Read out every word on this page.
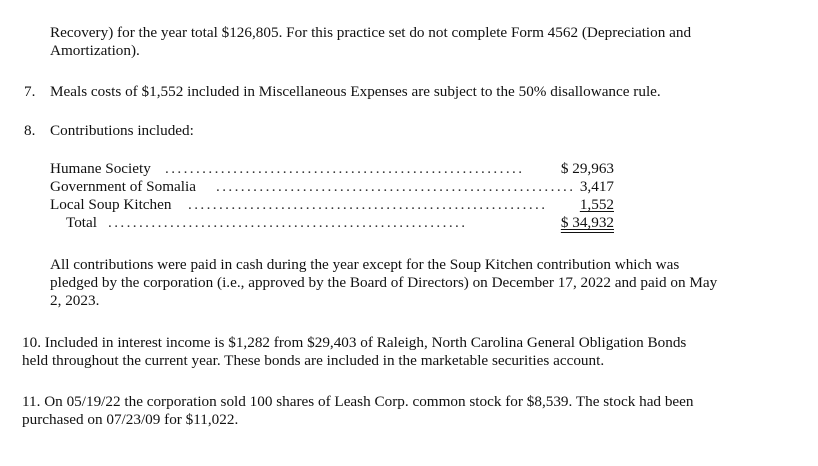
Recovery) for the year total $126,805. For this practice set do not complete Form 4562 (Depreciation and
Amortization).
7. Meals costs of $1,552 included in Miscellaneous Expenses are subject to the 50% disallowance rule.
8. Contributions included:
Humane Society .......................................................... $ 29,963
Government of Somalia .......................................................... 3,417
Local Soup Kitchen .......................................................... 1,552
Total ..........................................................	$ 34,932
All contributions were paid in cash during the year except for the Soup Kitchen contribution which was
pledged by the corporation (i.e., approved by the Board of Directors) on December 17, 2022 and paid on May
2, 2023.
10. Included in interest income is $1,282 from $29,403 of Raleigh, North Carolina General Obligation Bonds
held throughout the current year. These bonds are included in the marketable securities account.
11. On 05/19/22 the corporation sold 100 shares of Leash Corp. common stock for $8,539. The stock had been
purchased on 07/23/09 for $11,022.
